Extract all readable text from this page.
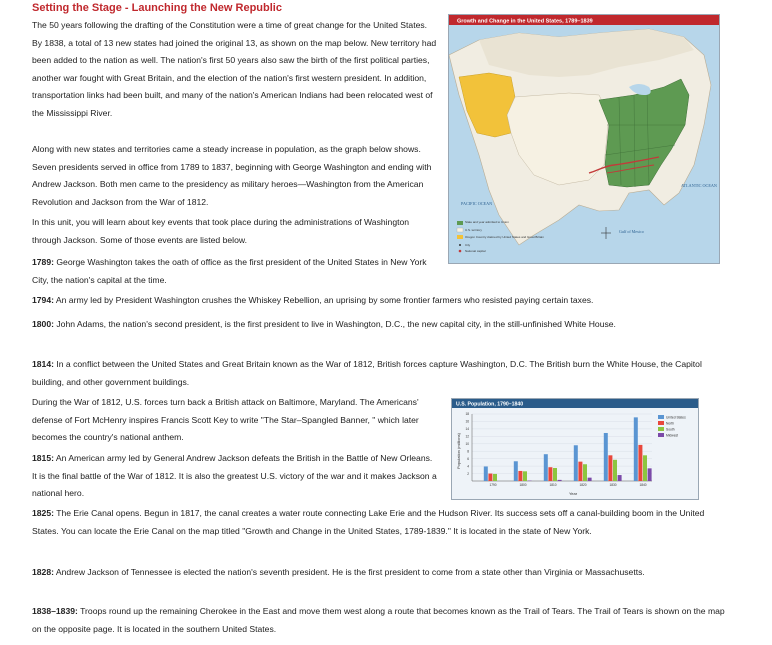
Setting the Stage - Launching the New Republic

The 50 years following the drafting of the Constitution were a time of great change for the United States. By 1838, a total of 13 new states had joined the original 13, as shown on the map below. New territory had been added to the nation as well. The nation's first 50 years also saw the birth of the first political parties, another war fought with Great Britain, and the election of the nation's first western president. In addition, transportation links had been built, and many of the nation's American Indians had been relocated west of the Mississippi River.

Along with new states and territories came a steady increase in population, as the graph below shows. Seven presidents served in office from 1789 to 1837, beginning with George Washington and ending with Andrew Jackson. Both men came to the presidency as military heroes—Washington from the American Revolution and Jackson from the War of 1812.

In this unit, you will learn about key events that took place during the administrations of Washington through Jackson. Some of those events are listed below.

1789: George Washington takes the oath of office as the first president of the United States in New York City, the nation's capital at the time.

1794: An army led by President Washington crushes the Whiskey Rebellion, an uprising by some frontier farmers who resisted paying certain taxes.

1800: John Adams, the nation's second president, is the first president to live in Washington, D.C., the new capital city, in the still-unfinished White House.

1814: In a conflict between the United States and Great Britain known as the War of 1812, British forces capture Washington, D.C. The British burn the White House, the Capitol building, and other government buildings.

During the War of 1812, U.S. forces turn back a British attack on Baltimore, Maryland. The Americans' defense of Fort McHenry inspires Francis Scott Key to write "The Star–Spangled Banner, " which later becomes the country's national anthem.

1815: An American army led by General Andrew Jackson defeats the British in the Battle of New Orleans. It is the final battle of the War of 1812. It is also the greatest U.S. victory of the war and it makes Jackson a national hero.

1825: The Erie Canal opens. Begun in 1817, the canal creates a water route connecting Lake Erie and the Hudson River. Its success sets off a canal-building boom in the United States. You can locate the Erie Canal on the map titled "Growth and Change in the United States, 1789-1839." It is located in the state of New York.

1828: Andrew Jackson of Tennessee is elected the nation's seventh president. He is the first president to come from a state other than Virginia or Massachusetts.

1838–1839: Troops round up the remaining Cherokee in the East and move them west along a route that becomes known as the Trail of Tears. The Trail of Tears is shown on the map on the opposite page. It is located in the southern United States.

Growth and Change in the United States, 1789–1839
PACIFIC OCEAN
ATLANTIC OCEAN
Gulf of Mexico
State and year admitted to Union
U.S. territory
Oregon Country claimed by United States and Great Britain
City
National capital
U.S. Population, 1790–1840
Year
Population (millions)
18
16
14
12
10
8
6
4
2
1790	1800	1810	1820	1830	1840
United States
North
South
Midwest
